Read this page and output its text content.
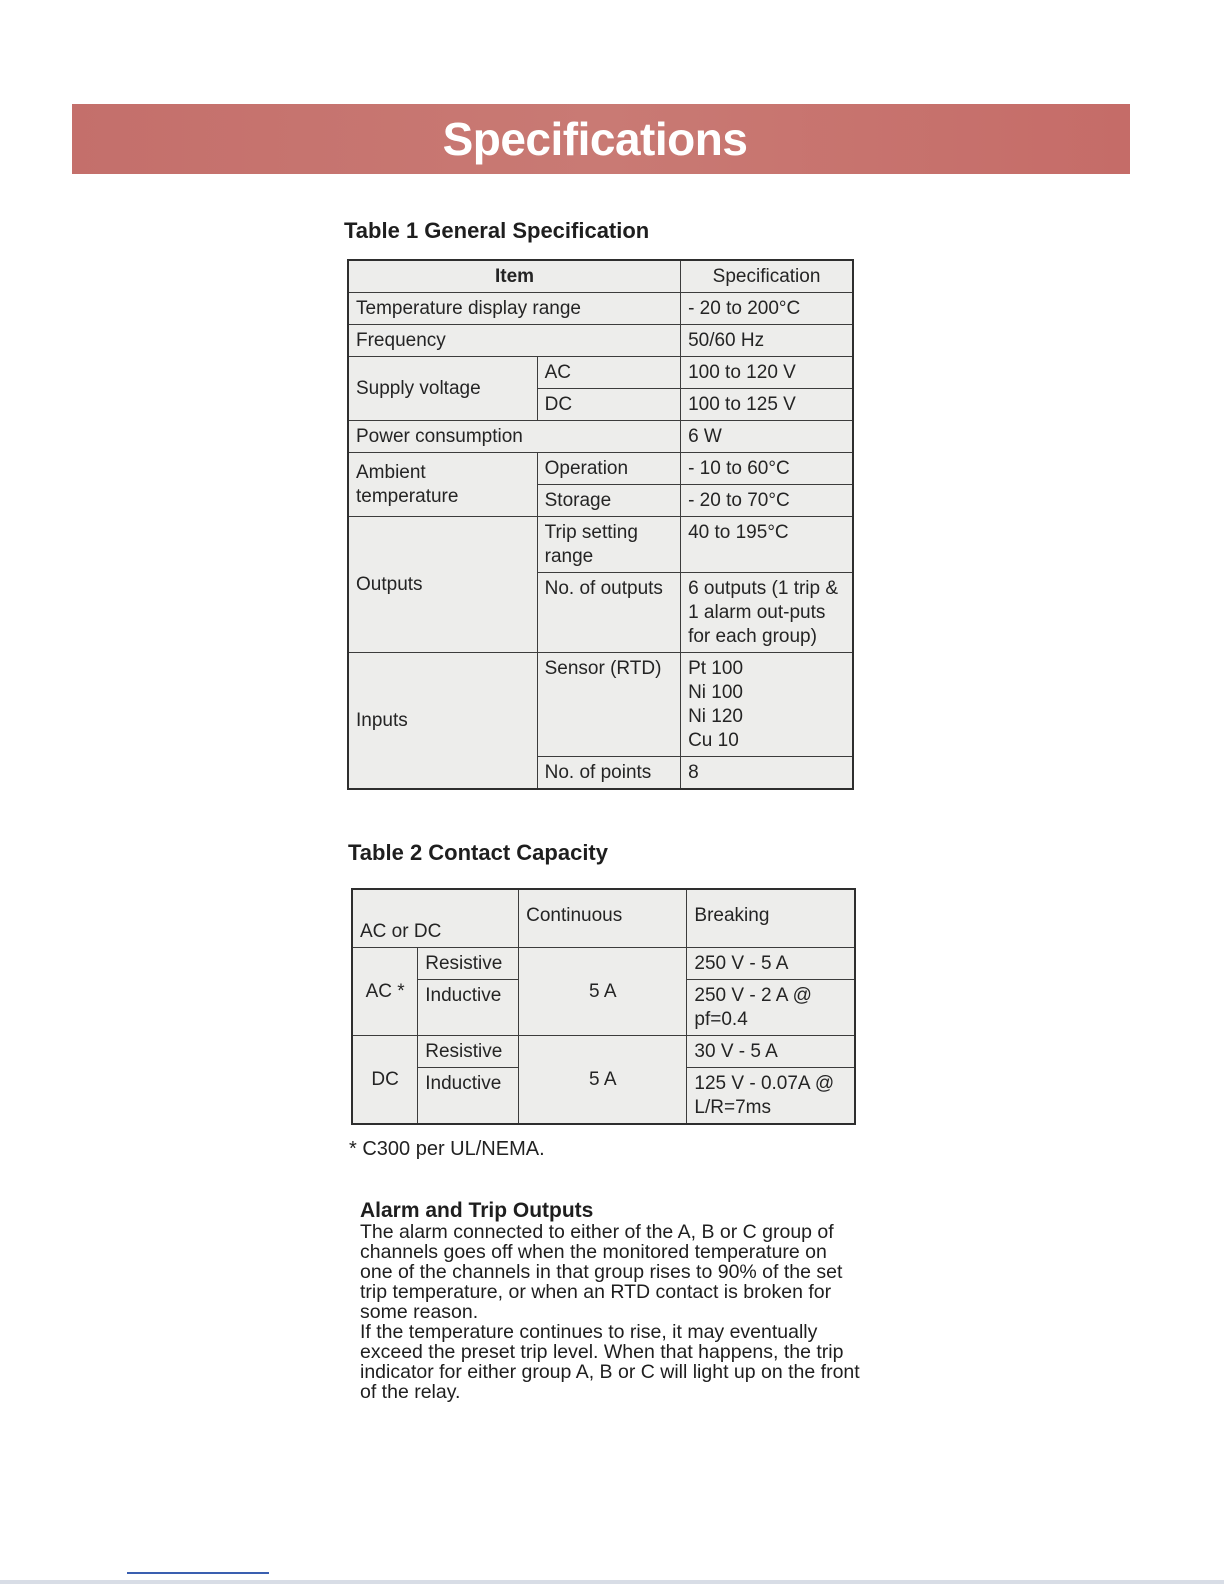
Specifications
Table 1 General Specification
Item		Specification
Temperature display range		- 20 to 200°C
Frequency		50/60 Hz
Supply voltage	AC	100 to 120 V
	DC	100 to 125 V
Power consumption		6 W
Ambient temperature	Operation	- 10 to 60°C
	Storage	- 20 to 70°C
Outputs	Trip setting range	40 to 195°C
	No. of outputs	6 outputs (1 trip & 1 alarm out-puts for each group)
Inputs	Sensor (RTD)	Pt 100
Ni 100
Ni 120
Cu 10

	No. of points	8
Table 2 Contact Capacity
AC or DC		Continuous	Breaking
AC *	Resistive	5 A	250 V - 5 A
	Inductive		250 V - 2 A @ pf=0.4
DC	Resistive	5 A	30 V - 5 A
	Inductive		125 V - 0.07A @ L/R=7ms
* C300 per UL/NEMA.
Alarm and Trip Outputs

The alarm connected to either of the A, B or C group of channels goes off when the monitored temperature on one of the channels in that group rises to 90% of the set trip temperature, or when an RTD contact is broken for some reason.

If the temperature continues to rise, it may eventually exceed the preset trip level. When that happens, the trip indicator for either group A, B or C will light up on the front of the relay.
